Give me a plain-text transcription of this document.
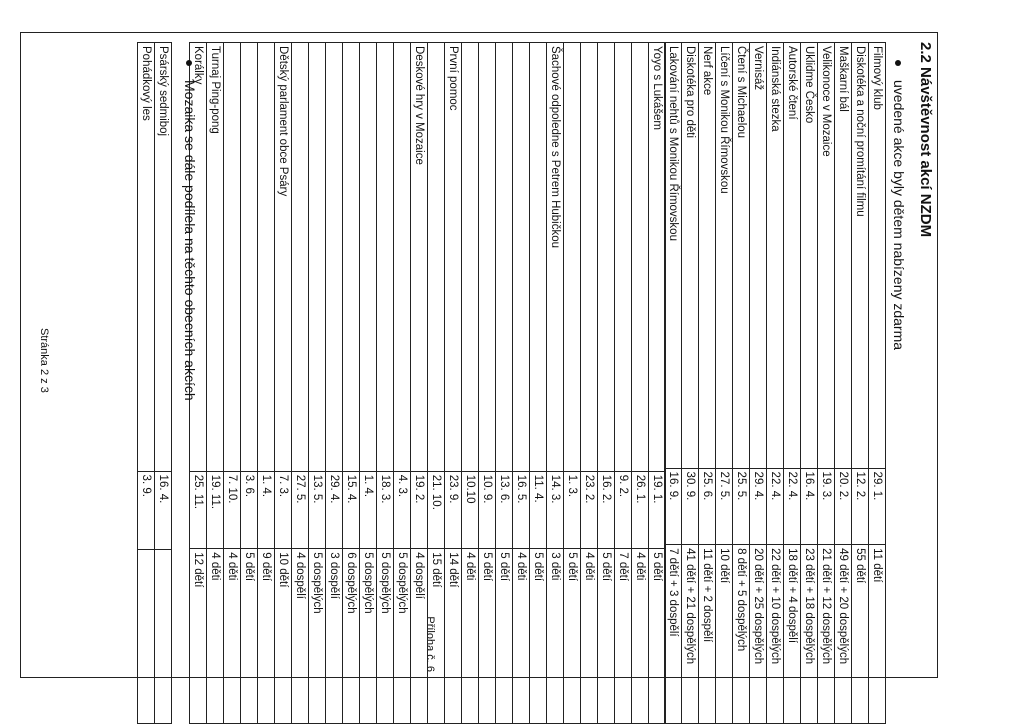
Příloha č. 6
2.2 Návštěvnost akcí NZDM
uvedené akce byly dětem nabízeny zdarma
Filmový klub	29. 1.	11 dětí
Diskotéka a noční promítání filmu	12. 2.	55 dětí
Maškarní bál	20. 2.	49 dětí + 20 dospělých
Velikonoce v Mozaice	19. 3.	21 dětí + 12 dospělých
Uklidme Česko	16. 4.	23 dětí + 18 dospělých
Autorské čtení	22. 4.	18 dětí + 4 dospělí
Indiánská stezka	22. 4.	22 dětí + 10 dospělých
Vernisáž	29. 4.	20 dětí + 25 dospělých
Čtení s Michaelou	25. 5.	8 dětí + 5 dospělých
Líčení s Monikou Římovskou	27. 5.	10 dětí
Nerf akce	25. 6.	11 dětí + 2 dospělí
Diskotéka pro děti	30. 9.	41 dětí + 21 dospělých
Lakování nehtů s Monikou Římovskou	16. 9.	7 dětí + 3 dospělí
Yoyo s Lukášem	19. 1.	5 dětí
	26. 1.	4 děti
	9. 2.	7 dětí
	16. 2.	5 dětí
	23. 2.	4 děti
	1. 3.	5 dětí
Šachové odpoledne s Petrem Hubičkou	14. 3.	3 děti
	11. 4.	5 dětí
	16. 5.	4 děti
	13. 6.	5 dětí
	10. 9.	5 dětí
	10.10	4 děti
První pomoc	23. 9.	14 dětí
	21. 10.	15 dětí
Deskové hry v Mozaice	19. 2.	4 dospělí
	4. 3.	5 dospělých
	18. 3.	5 dospělých
	1. 4.	5 dospělých
	15. 4.	6 dospělých
	29. 4.	3 dospělí
	13. 5.	5 dospělých
	27. 5.	4 dospělí
Dětský parlament obce Psáry	7. 3.	10 dětí
	1. 4.	9 dětí
	3. 6.	5 dětí
	7. 10.	4 děti
Turnaj Ping-pong	19. 11.	4 děti
Korálky	25. 11.	12 dětí
Mozaika se dále podílela na těchto obecních akcích
Psárský sedmiboj	16. 4.	
Pohádkový les	3. 9.	
Stránka 2 z 3
